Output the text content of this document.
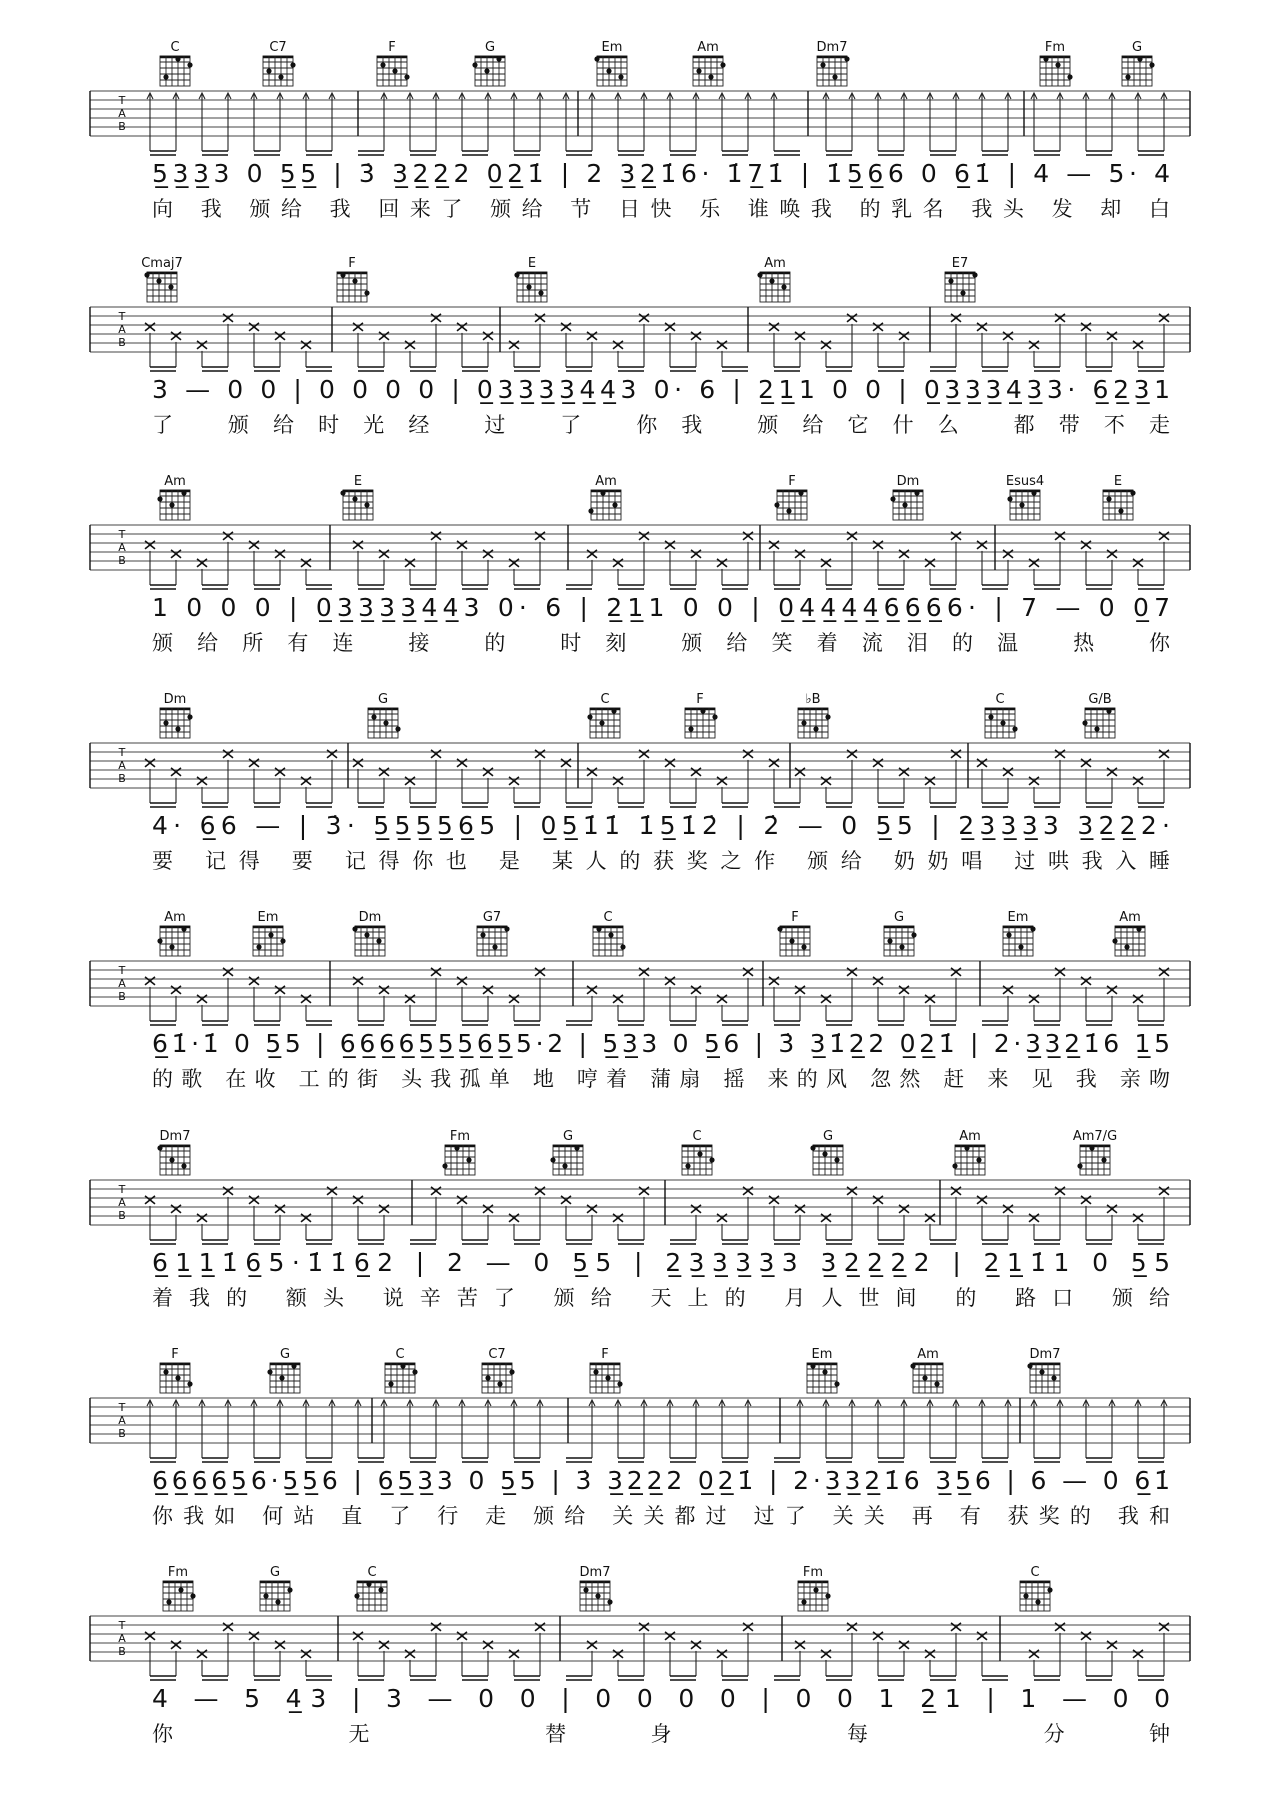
C	C7	F	G	Em	Am	Dm7	Fm	G
T
A
B
5̲3̲3̲3 0 5̲5̲ | 3̇ 3̲2̲2̲2 0̲2̲1̇ | 2 3̲2̲1̇6· 1̇7̲1̇ | 1̇5̲6̲6 0 6̲1̇ | 4 — 5· 4
向 我 颁给 我 回来了 颁给 节 日快 乐 谁唤我 的乳名 我头 发 却 白
Cmaj7	F	E	Am	E7
T
A
B
3 — 0 0 | 0 0 0 0 | 0̲3̲3̲3̲3̲4̲4̲3 0· 6 | 2̲1̲1 0 0 | 0̲3̲3̲3̲4̲3̲3· 6̲2̲3̲1
了 颁给时光经 过 了 你我 颁给它什么 都带不走
Am	E	Am	F	Dm	Esus4	E
T
A
B
1 0 0 0 | 0̲3̲3̲3̲3̲4̲4̲3 0· 6 | 2̲1̲1 0 0 | 0̲4̲4̲4̲4̲6̲6̲6̲6· | 7 — 0 0̲7
颁给所有连 接 的 时刻 颁给笑着流泪的温 热 你
Dm	G	C	F	♭B	C	G/B
T
A
B
4· 6̲6 — | 3̇· 5̲5̲5̲5̲6̲5 | 0̲5̲1̇1̇ 1̇5̲1̇2̇ | 2̇ — 0 5̲5 | 2̲3̲3̲3̲3 3̲2̲2̲2·
要 记得 要 记得你也 是 某人的获奖之作 颁给 奶奶唱 过哄我入睡
Am	Em	Dm	G7	C	F	G	Em	Am
T
A
B
6̲1̇·1̇ 0 5̲5 | 6̲6̲6̲6̲5̲5̲5̲6̲5̲5·2 | 5̲3̲3 0 5̲6 | 3̇ 3̲1̇2̲2 0̲2̲1̇ | 2·3̲3̲2̲1̇6 1̲5
的歌 在收 工的街 头我孤单 地 哼着 蒲扇 摇 来的风 忽然 赶 来 见 我 亲吻
Dm7	Fm	G	C	G	Am	Am7/G
T
A
B
6̲1̲1̲1̇6̲5·1̇1̇6̲2 | 2 — 0 5̲5 | 2̲3̲3̲3̲3̲3 3̲2̲2̲2̲2 | 2̲1̲1̇1 0 5̲5
着我的 额头 说辛苦了 颁给 天上的 月人世间 的 路口 颁给
F	G	C	C7	F	Em	Am	Dm7
T
A
B
6̲6̲6̲6̲5̲6·5̲5̲6 | 6̲5̲3̲3 0 5̲5 | 3̇ 3̲2̲2̲2 0̲2̲1̇ | 2·3̲3̲2̲1̇6 3̲5̲6 | 6 — 0 6̲1̇
你我如 何站 直 了 行 走 颁给 关关都过 过了 关关 再 有 获奖的 我和
Fm	G	C	Dm7	Fm	C
T
A
B
4 — 5 4̲3 | 3 — 0 0 | 0 0 0 0 | 0 0 1 2̲1 | 1 — 0 0
你 无 替身 每 分钟
